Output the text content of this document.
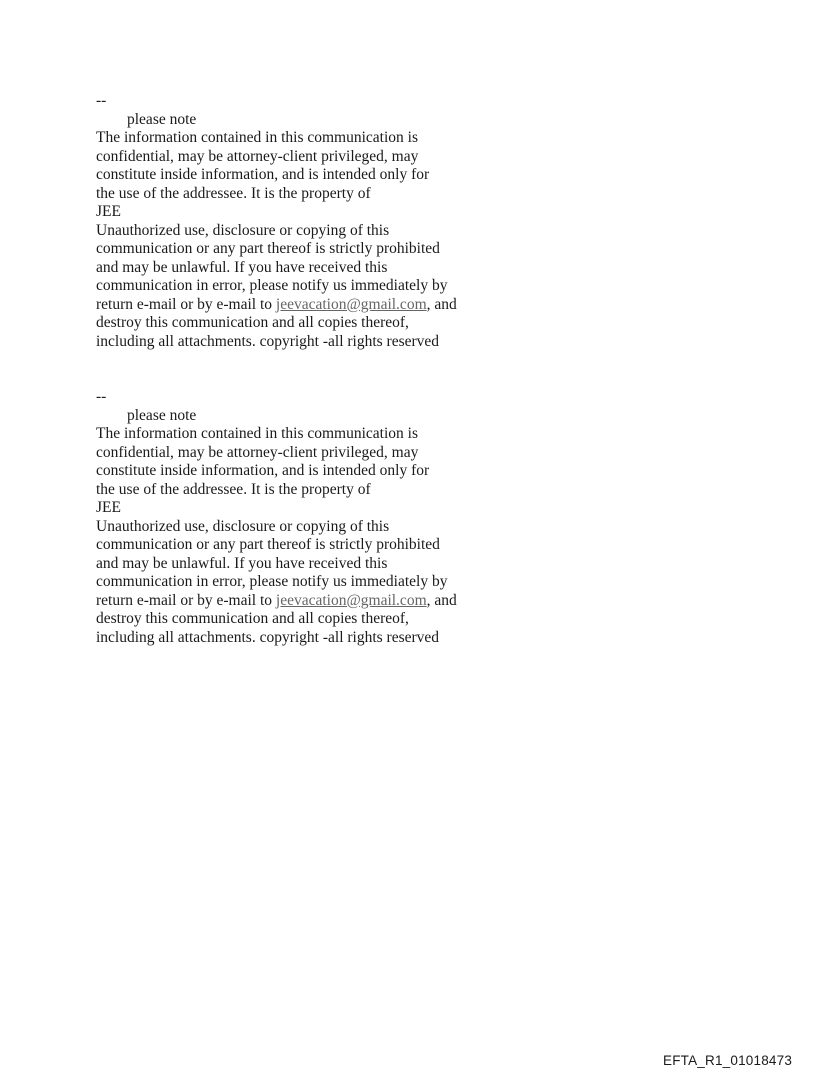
--
please note
The information contained in this communication is
confidential, may be attorney-client privileged, may
constitute inside information, and is intended only for
the use of the addressee. It is the property of
JEE
Unauthorized use, disclosure or copying of this
communication or any part thereof is strictly prohibited
and may be unlawful. If you have received this
communication in error, please notify us immediately by
return e-mail or by e-mail to jeevacation@gmail.com, and
destroy this communication and all copies thereof,
including all attachments. copyright -all rights reserved
--
please note
The information contained in this communication is
confidential, may be attorney-client privileged, may
constitute inside information, and is intended only for
the use of the addressee. It is the property of
JEE
Unauthorized use, disclosure or copying of this
communication or any part thereof is strictly prohibited
and may be unlawful. If you have received this
communication in error, please notify us immediately by
return e-mail or by e-mail to jeevacation@gmail.com, and
destroy this communication and all copies thereof,
including all attachments. copyright -all rights reserved
EFTA_R1_01018473
